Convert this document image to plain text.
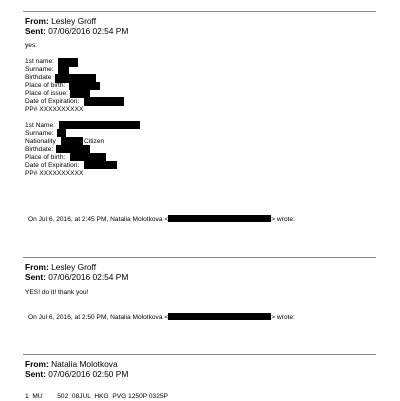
From: Lesley Groff
Sent: 07/06/2016 02:54 PM
yes:
1st name:
Surname:
Birthdate
Place of birth:
Place of issue:
Date of Expiration:
PP# XXXXXXXXXX
1st Name:
Surname:
Nationality	Citizen
Birthdate:
Place of birth:
Date of Expiration:
PP# XXXXXXXXXX
On Jul 6, 2016, at 2:45 PM, Natalia Molotkova <	> wrote:
From: Lesley Groff
Sent: 07/06/2016 02:54 PM
YES! do it! thank you!
On Jul 6, 2016, at 2:50 PM, Natalia Molotkova <	> wrote:
From: Natalia Molotkova
Sent: 07/06/2016 02:50 PM
1  MU        502  08JUL  HKG  PVG 1250P 0325P
